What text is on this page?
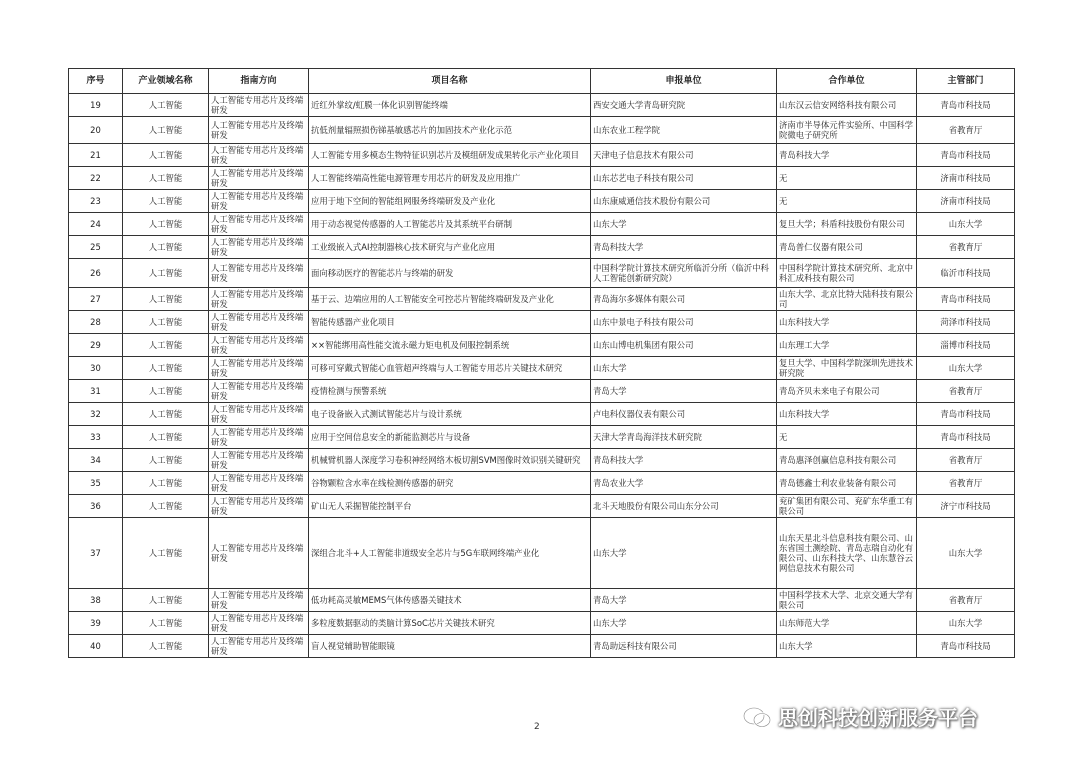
序号	产业领域名称	指南方向	项目名称	申报单位	合作单位	主管部门

19	人工智能	人工智能专用芯片及终端研发	近红外掌纹/虹膜一体化识别智能终端	西安交通大学青岛研究院	山东汉云信安网络科技有限公司	青岛市科技局

20	人工智能	人工智能专用芯片及终端研发	抗低剂量辐照损伤锑基敏感芯片的加固技术产业化示范	山东农业工程学院	济南市半导体元件实验所、中国科学院微电子研究所	省教育厅

21	人工智能	人工智能专用芯片及终端研发	人工智能专用多模态生物特征识别芯片及模组研发成果转化示产业化项目	天津电子信息技术有限公司	青岛科技大学	青岛市科技局

22	人工智能	人工智能专用芯片及终端研发	人工智能终端高性能电源管理专用芯片的研发及应用推广	山东芯艺电子科技有限公司	无	济南市科技局

23	人工智能	人工智能专用芯片及终端研发	应用于地下空间的智能组网服务终端研发及产业化	山东康威通信技术股份有限公司	无	济南市科技局

24	人工智能	人工智能专用芯片及终端研发	用于动态视觉传感器的人工智能芯片及其系统平台研制	山东大学	复旦大学；科盾科技股份有限公司	山东大学

25	人工智能	人工智能专用芯片及终端研发	工业级嵌入式AI控制器核心技术研究与产业化应用	青岛科技大学	青岛普仁仪器有限公司	省教育厅

26	人工智能	人工智能专用芯片及终端研发	面向移动医疗的智能芯片与终端的研发	中国科学院计算技术研究所临沂分所（临沂中科人工智能创新研究院）	中国科学院计算技术研究所、北京中科汇成科技有限公司	临沂市科技局

27	人工智能	人工智能专用芯片及终端研发	基于云、边端应用的人工智能安全可控芯片智能终端研发及产业化	青岛海尔多媒体有限公司	山东大学、北京比特大陆科技有限公司	青岛市科技局

28	人工智能	人工智能专用芯片及终端研发	智能传感器产业化项目	山东中景电子科技有限公司	山东科技大学	菏泽市科技局

29	人工智能	人工智能专用芯片及终端研发	××智能绑用高性能交流永磁力矩电机及伺服控制系统	山东山博电机集团有限公司	山东理工大学	淄博市科技局

30	人工智能	人工智能专用芯片及终端研发	可移可穿戴式智能心血管超声终端与人工智能专用芯片关键技术研究	山东大学	复旦大学、中国科学院深圳先进技术研究院	山东大学

31	人工智能	人工智能专用芯片及终端研发	疫情检测与预警系统	青岛大学	青岛齐贝未来电子有限公司	省教育厅

32	人工智能	人工智能专用芯片及终端研发	电子设备嵌入式测试智能芯片与设计系统	卢电科仪器仪表有限公司	山东科技大学	青岛市科技局

33	人工智能	人工智能专用芯片及终端研发	应用于空间信息安全的新能监测芯片与设备	天津大学青岛海洋技术研究院	无	青岛市科技局

34	人工智能	人工智能专用芯片及终端研发	机械臂机器人深度学习卷积神经网络木板切割SVM图像时效识别关键研究	青岛科技大学	青岛惠泽创赢信息科技有限公司	省教育厅

35	人工智能	人工智能专用芯片及终端研发	谷物颗粒含水率在线检测传感器的研究	青岛农业大学	青岛德鑫士利农业装备有限公司	省教育厅

36	人工智能	人工智能专用芯片及终端研发	矿山无人采掘智能控制平台	北斗天地股份有限公司山东分公司	兖矿集团有限公司、兖矿东华重工有限公司	济宁市科技局

37	人工智能	人工智能专用芯片及终端研发	深组合北斗+人工智能非道级安全芯片与5G车联网终端产业化	山东大学	山东天星北斗信息科技有限公司、山东省国土测绘院、青岛志瑞自动化有限公司、山东科技大学、山东慧谷云网信息技术有限公司	山东大学

38	人工智能	人工智能专用芯片及终端研发	低功耗高灵敏MEMS气体传感器关键技术	青岛大学	中国科学技术大学、北京交通大学有限公司	省教育厅

39	人工智能	人工智能专用芯片及终端研发	多粒度数据驱动的类脑计算SoC芯片关键技术研究	山东大学	山东师范大学	山东大学

40	人工智能	人工智能专用芯片及终端研发	盲人视觉辅助智能眼镜	青岛助远科技有限公司	山东大学	青岛市科技局
2	思创科技创新服务平台
